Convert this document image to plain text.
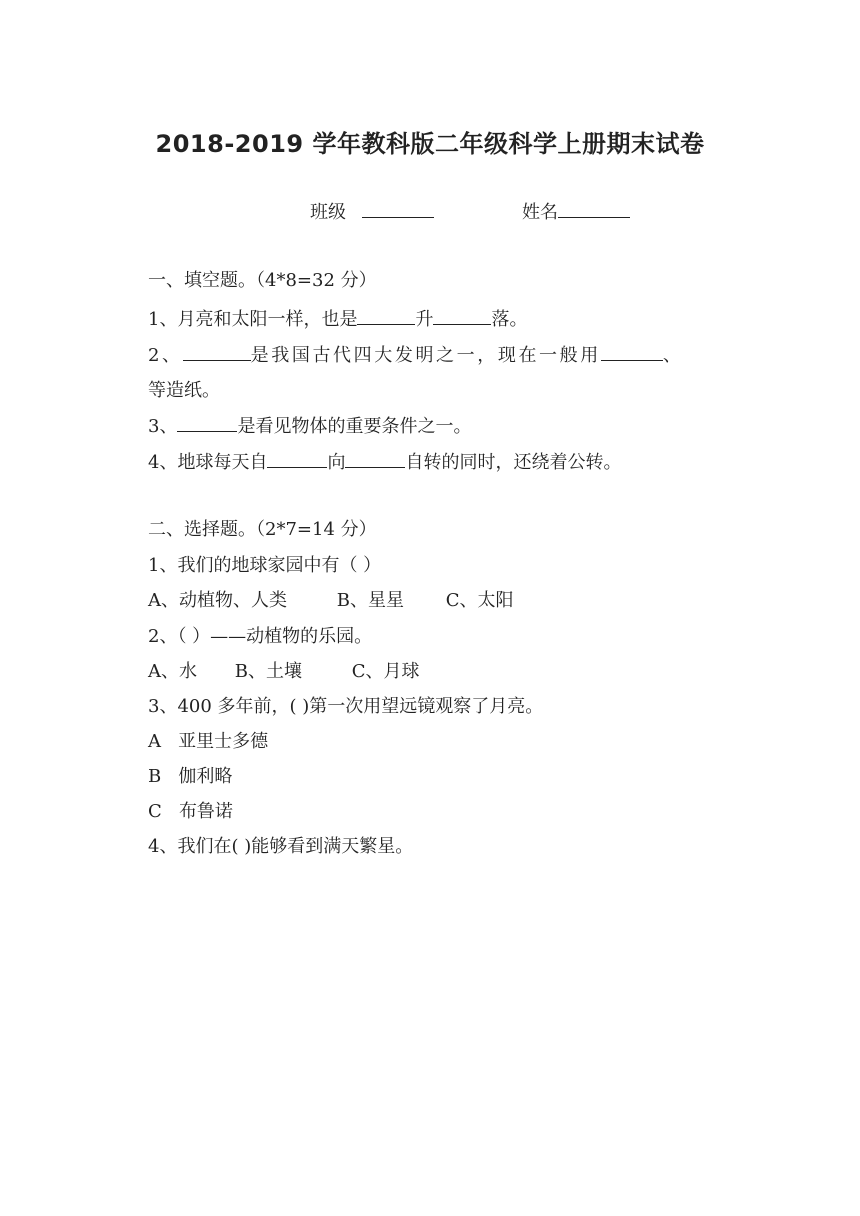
2018-2019 学年教科版二年级科学上册期末试卷
班级	姓名
一、填空题。（4*8=32 分）
1、月亮和太阳一样，也是	升	落。
2、	是我国古代四大发明之一，现在一般用	、
等造纸。
3、	是看见物体的重要条件之一。
4、地球每天自	向	自转的同时，还绕着公转。
二、选择题。（2*7=14 分）
1、我们的地球家园中有（ ）
A、动植物、人类	B、星星 C、太阳
2、（ ）——动植物的乐园。
A、水 B、土壤	C、月球
3、400 多年前，( )第一次用望远镜观察了月亮。
A   亚里士多德
B   伽利略
C   布鲁诺
4、我们在( )能够看到满天繁星。
